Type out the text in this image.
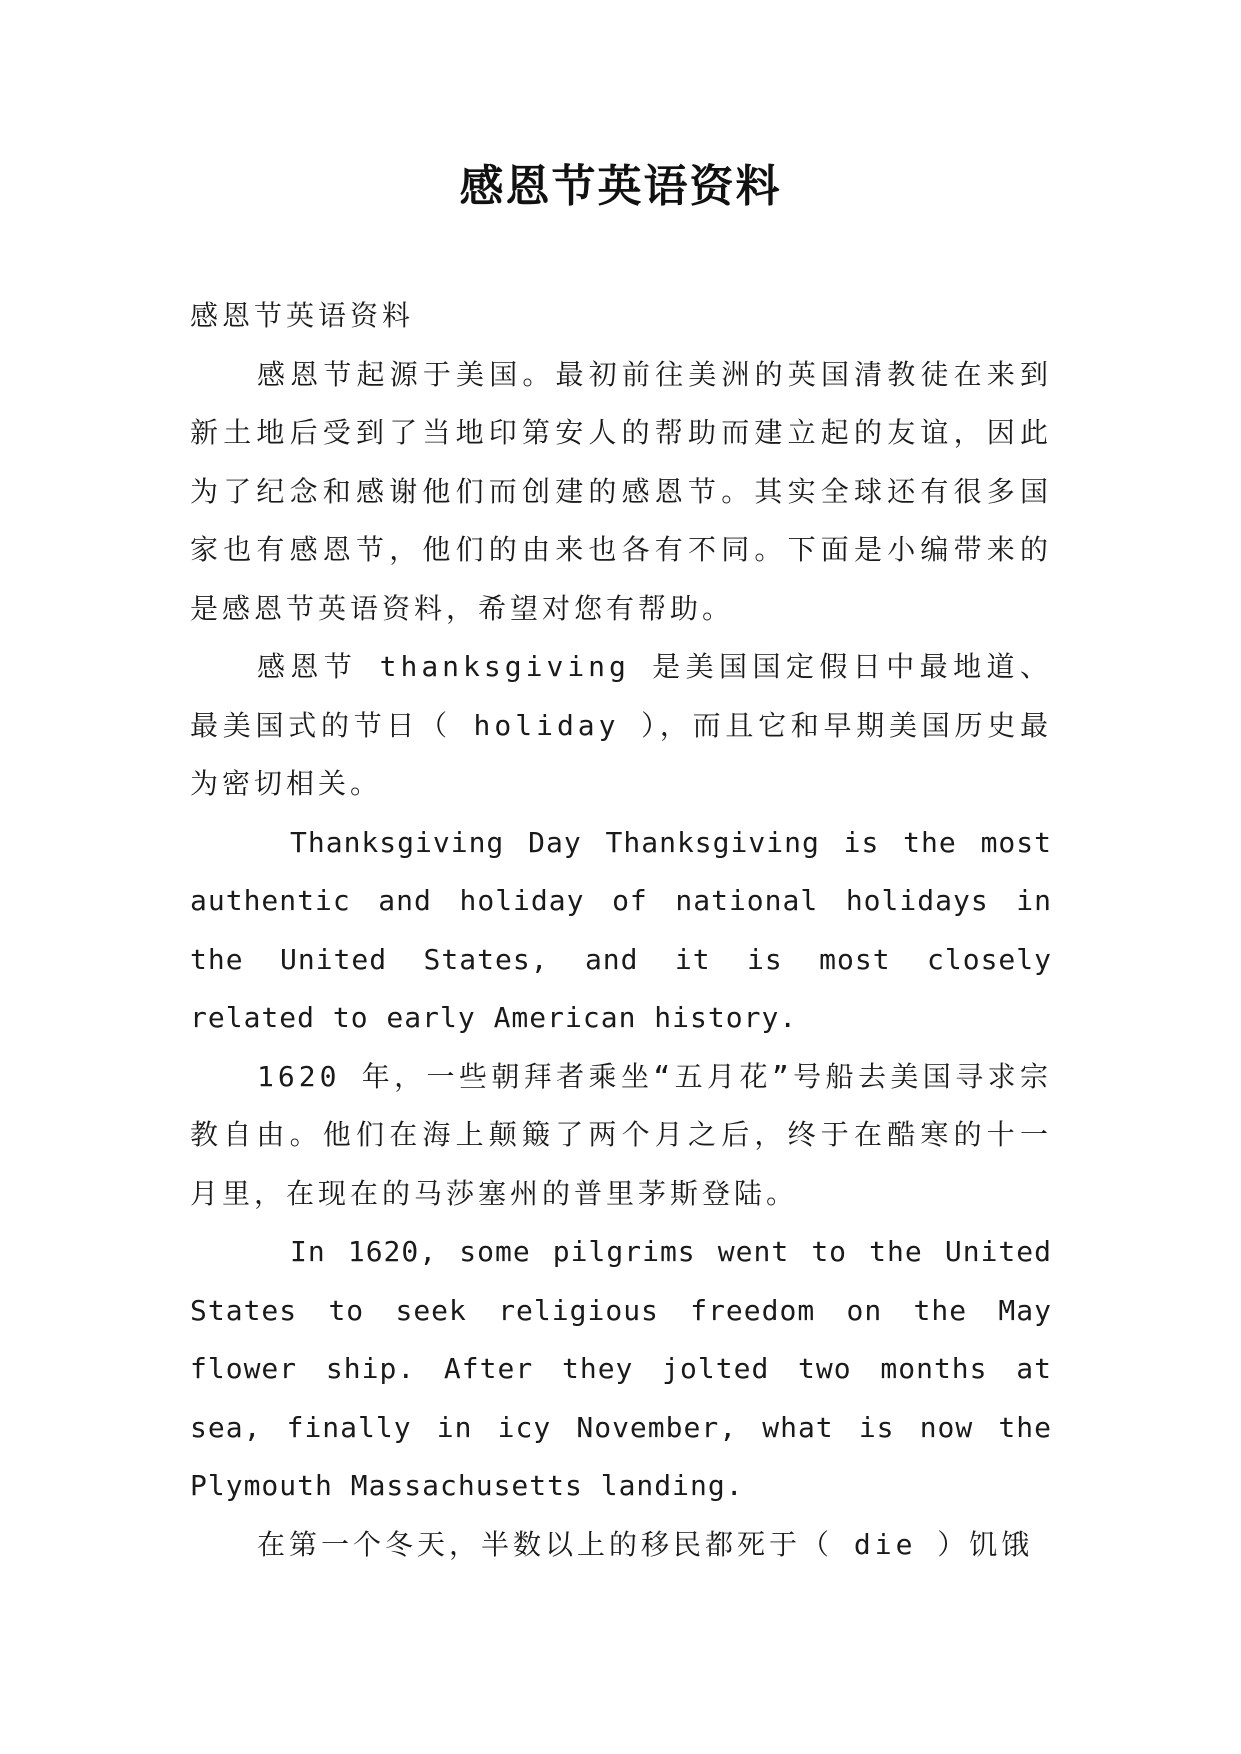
感恩节英语资料

感恩节英语资料

感恩节起源于美国。最初前往美洲的英国清教徒在来到新土地后受到了当地印第安人的帮助而建立起的友谊，因此为了纪念和感谢他们而创建的感恩节。其实全球还有很多国家也有感恩节，他们的由来也各有不同。下面是小编带来的是感恩节英语资料，希望对您有帮助。

感恩节 thanksgiving 是美国国定假日中最地道、最美国式的节日（ holiday ），而且它和早期美国历史最为密切相关。

Thanksgiving Day Thanksgiving is the most authentic and holiday of national holidays in the United States, and it is most closely related to early American history.

1620 年，一些朝拜者乘坐“五月花”号船去美国寻求宗教自由。他们在海上颠簸了两个月之后，终于在酷寒的十一月里，在现在的马莎塞州的普里茅斯登陆。

In 1620, some pilgrims went to the United States to seek religious freedom on the May flower ship. After they jolted two months at sea, finally in icy November, what is now the Plymouth Massachusetts landing.

在第一个冬天，半数以上的移民都死于（ die ）饥饿
